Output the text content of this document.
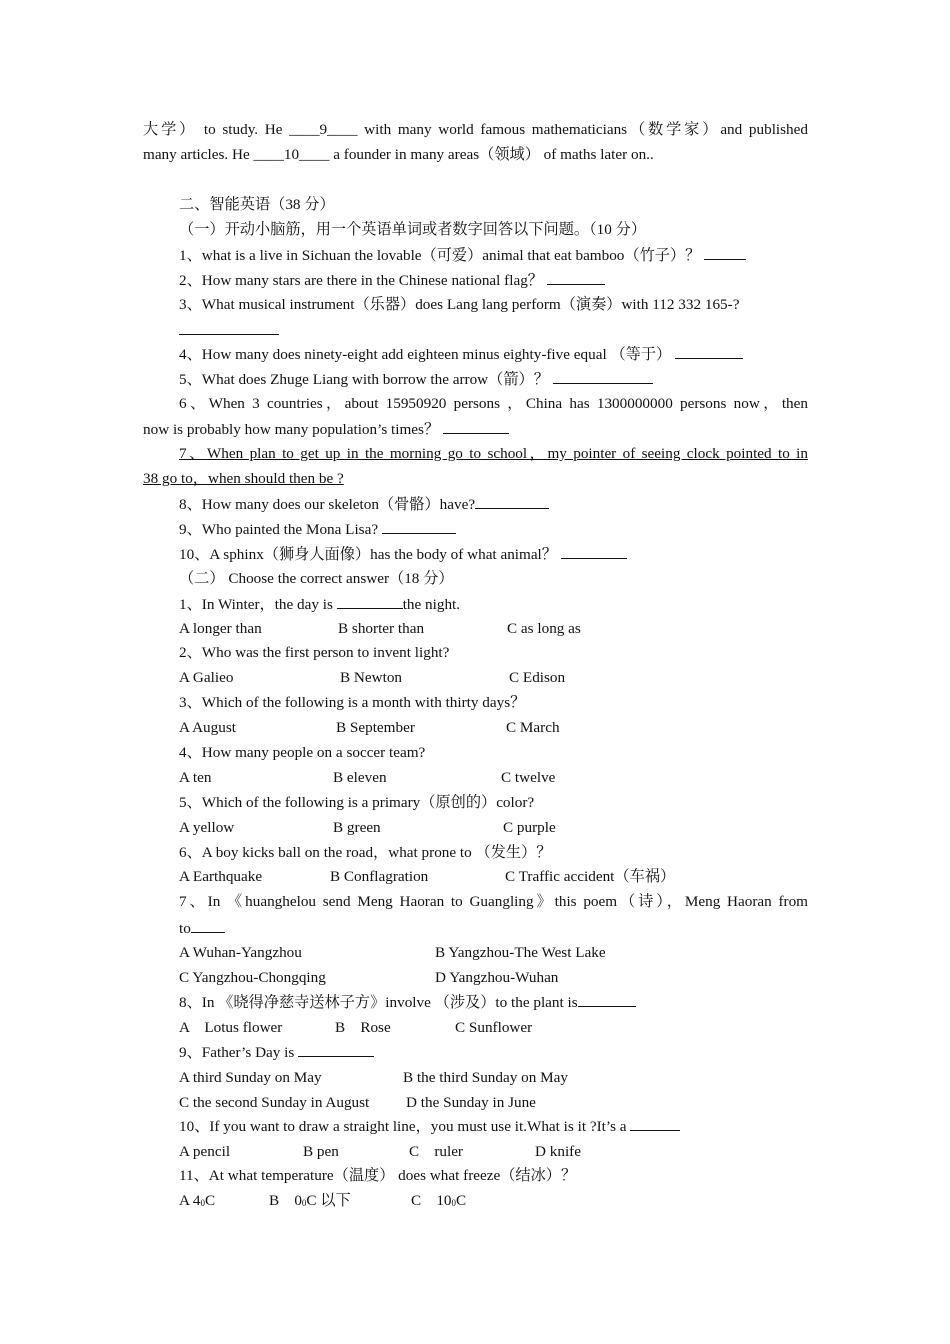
大学） to study. He ____9____ with many world famous mathematicians（数学家）and published
many articles. He ____10____ a founder in many areas（领域） of maths later on..
二、智能英语（38 分）
（一）开动小脑筋，用一个英语单词或者数字回答以下问题。（10 分）
1、what is a live in Sichuan the lovable（可爱）animal that eat bamboo（竹子）？
2、How many stars are there in the Chinese national flag？
3、What musical instrument（乐器）does Lang lang perform（演奏）with 112 332 165-?
4、How many does ninety-eight add eighteen minus eighty-five equal （等于）
5、What does Zhuge Liang with borrow the arrow（箭）？
6、When 3 countries，about 15950920 persons ，China has 1300000000 persons now，then
now is probably how many population’s times？
7、When plan to get up in the morning go to school，my pointer of seeing clock pointed to in
38 go to，when should then be ?
8、How many does our skeleton（骨骼）have?
9、Who painted the Mona Lisa?
10、A sphinx（狮身人面像）has the body of what animal？
（二） Choose the correct answer（18 分）
1、In Winter，the day is	the night.
A longer than	B shorter than	C as long as
2、Who was the first person to invent light?
A Galieo	B Newton	C Edison
3、Which of the following is a month with thirty days？
A August	B September	C March
4、How many people on a soccer team?
A ten	B eleven	C twelve
5、Which of the following is a primary（原创的）color?
A yellow	B green	C purple
6、A boy kicks ball on the road，what prone to （发生）？
A Earthquake	B Conflagration	C Traffic accident（车祸）
7、In 《huanghelou send Meng Haoran to Guangling》this poem（诗），Meng Haoran from
to
A Wuhan-Yangzhou	B Yangzhou-The West Lake
C Yangzhou-Chongqing	D Yangzhou-Wuhan
8、In 《晓得净慈寺送林子方》involve （涉及）to the plant is
A    Lotus flower	B    Rose	C Sunflower
9、Father’s Day is
A third Sunday on May	B the third Sunday on May
C the second Sunday in August D the Sunday in June
10、If you want to draw a straight line，you must use it.What is it ?It’s a
A pencil	B pen	C    ruler	D knife
11、At what temperature（温度） does what freeze（结冰）？
A $4_0C$	B    $0_0C$ 以下	C    $10_0C$
